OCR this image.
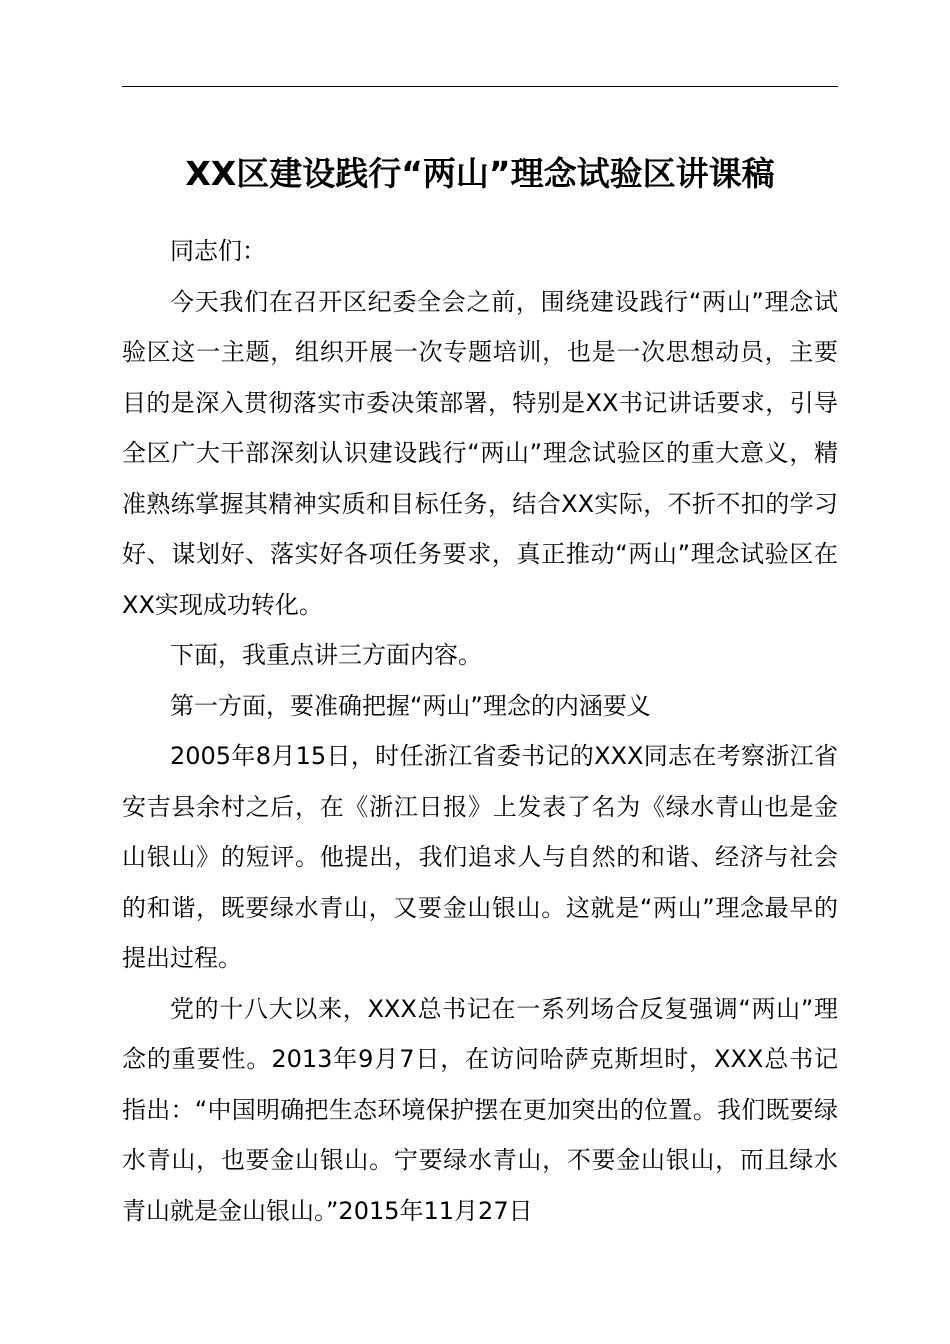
XX区建设践行“两山”理念试验区讲课稿

同志们：

今天我们在召开区纪委全会之前，围绕建设践行“两山”理念试验区这一主题，组织开展一次专题培训，也是一次思想动员，主要目的是深入贯彻落实市委决策部署，特别是XX书记讲话要求，引导全区广大干部深刻认识建设践行“两山”理念试验区的重大意义，精准熟练掌握其精神实质和目标任务，结合XX实际，不折不扣的学习好、谋划好、落实好各项任务要求，真正推动“两山”理念试验区在XX实现成功转化。

下面，我重点讲三方面内容。

第一方面，要准确把握“两山”理念的内涵要义

2005年8月15日，时任浙江省委书记的XXX同志在考察浙江省安吉县余村之后，在《浙江日报》上发表了名为《绿水青山也是金山银山》的短评。他提出，我们追求人与自然的和谐、经济与社会的和谐，既要绿水青山，又要金山银山。这就是“两山”理念最早的提出过程。

党的十八大以来，XXX总书记在一系列场合反复强调“两山”理念的重要性。2013年9月7日，在访问哈萨克斯坦时，XXX总书记指出：“中国明确把生态环境保护摆在更加突出的位置。我们既要绿水青山，也要金山银山。宁要绿水青山，不要金山银山，而且绿水青山就是金山银山。”2015年11月27日
